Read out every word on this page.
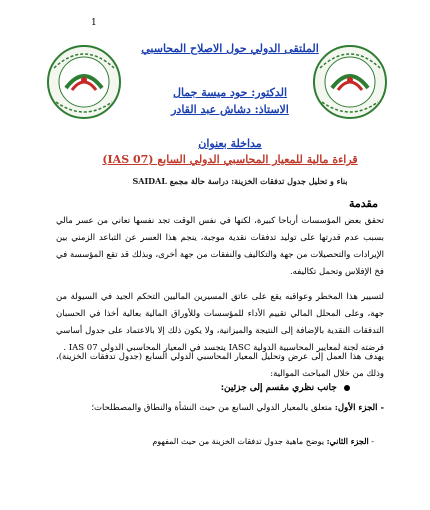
1
الملتقى الدولي حول الاصلاح المحاسبي
الدكتور: حود ميسة جمال
الاستاذ: دشاش عبد القادر
مداخلة بعنوان
قراءة مالية للمعيار المحاسبي الدولي السابع (IAS 07)
بناء و تحليل جدول تدفقات الخزينة: دراسة حالة مجمع SAIDAL
مقدمة
تحقق بعض المؤسسات أرباحا كبيرة، لكنها في نفس الوقت تجد نفسها تعاني من عسر مالي بسبب عدم قدرتها على توليد تدفقات نقدية موجبة، ينجم هذا العسر عن التباعد الزمني بين الإيرادات والتحصيلات من جهة والتكاليف والنفقات من جهة أخرى، وبذلك قد تقع المؤسسة في فخ الإفلاس وتحمل تكاليفه.
لتسيير هذا المخطر وعواقبه يقع على عاتق المسيرين الماليين التحكم الجيد في السيولة من جهة، وعلى المحلل المالي تقييم الأداء للمؤسسات وللأوراق المالية بعالية أخذا في الحسبان التدفقات النقدية بالإضافة إلى النتيجة والميزانية، ولا يكون ذلك إلا بالاعتماد على جدول أساسي فرضته لجنة لمعايير المحاسبية الدولية IASC يتجسد في المعيار المحاسبي الدولي IAS 07 .
يهدف هذا العمل إلى عرض وتحليل المعيار المحاسبي الدولي السابع (جدول تدفقات الخزينة)، وذلك من خلال المباحث الموالية:
جانب نظري مقسم إلى جزئين:
- الجزء الأول: متعلق بالمعيار الدولي السابع من حيث النشأة والنطاق والمصطلحات؛
- الجزء الثاني: يوضح ماهية جدول تدفقات الخزينة من حيث المفهوم
